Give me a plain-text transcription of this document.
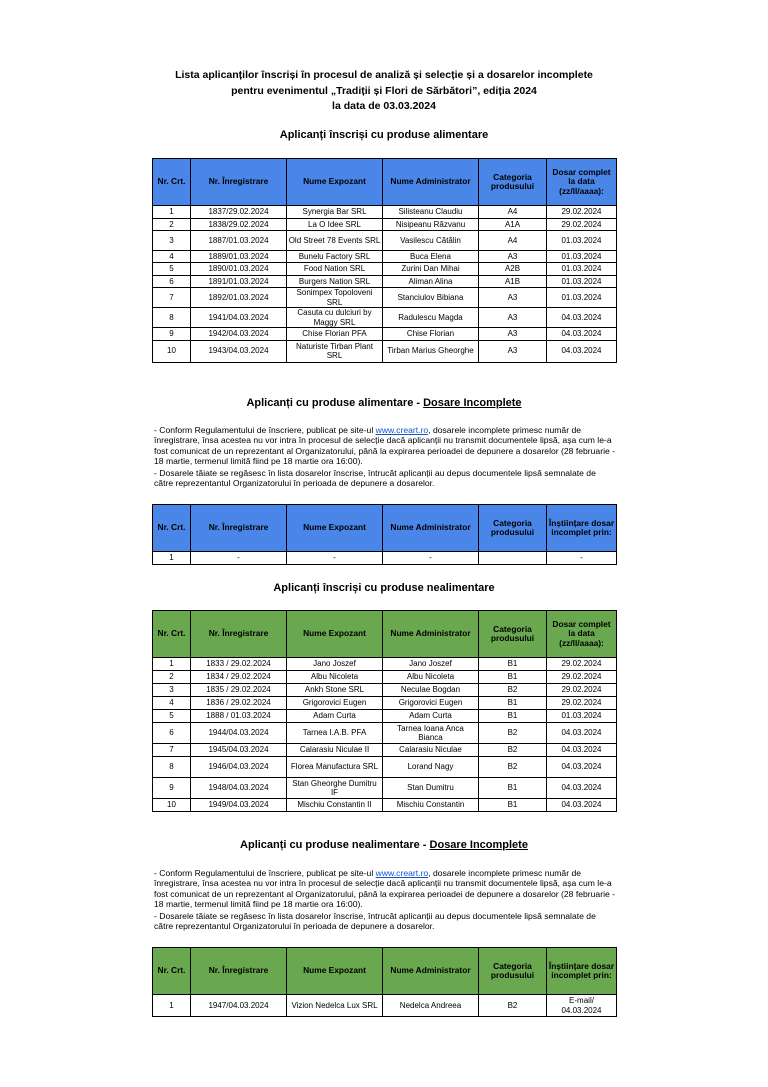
Lista aplicanților înscriși în procesul de analiză și selecție și a dosarelor incomplete
pentru evenimentul „Tradiții și Flori de Sărbători”, ediția 2024
la data de 03.03.2024
Aplicanți înscriși cu produse alimentare
Nr. Crt.	Nr. Înregistrare	Nume Expozant	Nume Administrator	Categoria produsului	Dosar complet la data (zz/ll/aaaa):
1	1837/29.02.2024	Synergia Bar SRL	Silisteanu Claudiu	A4	29.02.2024
2	1838/29.02.2024	La O Idee SRL	Nisipeanu Răzvanu	A1A	29.02.2024
3	1887/01.03.2024	Old Street 78 Events SRL	Vasilescu Cătălin	A4	01.03.2024
4	1889/01.03.2024	Bunelu Factory SRL	Buca Elena	A3	01.03.2024
5	1890/01.03.2024	Food Nation SRL	Zurini Dan Mihai	A2B	01.03.2024
6	1891/01.03.2024	Burgers Nation SRL	Aliman Alina	A1B	01.03.2024
7	1892/01.03.2024	Sonimpex Topoloveni SRL	Stanciulov Bibiana	A3	01.03.2024
8	1941/04.03.2024	Casuta cu dulciuri by Maggy SRL	Radulescu Magda	A3	04.03.2024
9	1942/04.03.2024	Chise Florian PFA	Chise Florian	A3	04.03.2024
10	1943/04.03.2024	Naturiste Tirban Plant SRL	Tirban Marius Gheorghe	A3	04.03.2024
Aplicanți cu produse alimentare - Dosare Incomplete

- Conform Regulamentului de înscriere, publicat pe site-ul www.creart.ro, dosarele incomplete primesc număr de înregistrare, însa acestea nu vor intra în procesul de selecție dacă aplicanții nu transmit documentele lipsă, așa cum le-a fost comunicat de un reprezentant al Organizatorului, până la expirarea perioadei de depunere a dosarelor (28 februarie - 18 martie, termenul limită fiind pe 18 martie ora 16:00).

- Dosarele tăiate se regăsesc în lista dosarelor înscrise, întrucât aplicanții au depus documentele lipsă semnalate de către reprezentantul Organizatorului în perioada de depunere a dosarelor.

Nr. Crt.	Nr. Înregistrare	Nume Expozant	Nume Administrator	Categoria produsului	Înștiințare dosar incomplet prin:
1	-	-	-		-
Aplicanți înscriși cu produse nealimentare
Nr. Crt.	Nr. Înregistrare	Nume Expozant	Nume Administrator	Categoria produsului	Dosar complet la data (zz/ll/aaaa):
1	1833 / 29.02.2024	Jano Joszef	Jano Joszef	B1	29.02.2024
2	1834 / 29.02.2024	Albu Nicoleta	Albu Nicoleta	B1	29.02.2024
3	1835 / 29.02.2024	Ankh Stone SRL	Neculae Bogdan	B2	29.02.2024
4	1836 / 29.02.2024	Grigorovici Eugen	Grigorovici Eugen	B1	29.02.2024
5	1888 / 01.03.2024	Adam Curta	Adam Curta	B1	01.03.2024
6	1944/04.03.2024	Tarnea I.A.B. PFA	Tarnea Ioana Anca Bianca	B2	04.03.2024
7	1945/04.03.2024	Calarasiu Niculae II	Calarasiu Niculae	B2	04.03.2024
8	1946/04.03.2024	Florea Manufactura SRL	Lorand Nagy	B2	04.03.2024
9	1948/04.03.2024	Stan Gheorghe Dumitru IF	Stan Dumitru	B1	04.03.2024
10	1949/04.03.2024	Mischiu Constantin II	Mischiu Constantin	B1	04.03.2024
Aplicanți cu produse nealimentare - Dosare Incomplete

- Conform Regulamentului de înscriere, publicat pe site-ul www.creart.ro, dosarele incomplete primesc număr de înregistrare, însa acestea nu vor intra în procesul de selecție dacă aplicanții nu transmit documentele lipsă, așa cum le-a fost comunicat de un reprezentant al Organizatorului, până la expirarea perioadei de depunere a dosarelor (28 februarie - 18 martie, termenul limită fiind pe 18 martie ora 16:00).

- Dosarele tăiate se regăsesc în lista dosarelor înscrise, întrucât aplicanții au depus documentele lipsă semnalate de către reprezentantul Organizatorului în perioada de depunere a dosarelor.

Nr. Crt.	Nr. Înregistrare	Nume Expozant	Nume Administrator	Categoria produsului	Înștiințare dosar incomplet prin:
1	1947/04.03.2024	Vizion Nedelca Lux SRL	Nedelca Andreea	B2	E-mail/ 04.03.2024
